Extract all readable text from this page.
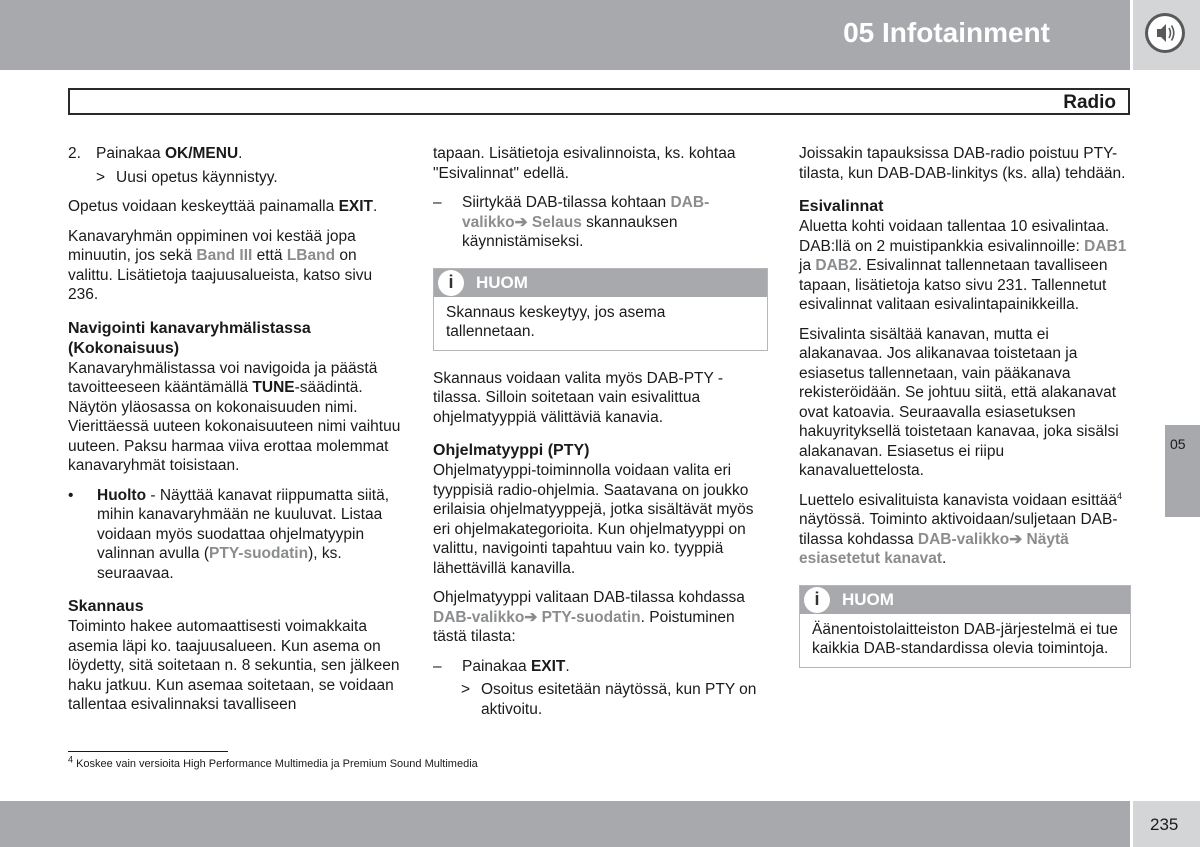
05 Infotainment
Radio
2. Painakaa OK/MENU.
> Uusi opetus käynnistyy.

Opetus voidaan keskeyttää painamalla EXIT.

Kanavaryhmän oppiminen voi kestää jopa minuutin, jos sekä Band III että LBand on valittu. Lisätietoja taajuusalueista, katso sivu 236.

Navigointi kanavaryhmälistassa (Kokonaisuus)

Kanavaryhmälistassa voi navigoida ja päästä tavoitteeseen kääntämällä TUNE-säädintä. Näytön yläosassa on kokonaisuuden nimi. Vierittäessä uuteen kokonaisuuteen nimi vaihtuu uuteen. Paksu harmaa viiva erottaa molemmat kanavaryhmät toisistaan.

•	Huolto - Näyttää kanavat riippumatta siitä, mihin kanavaryhmään ne kuuluvat. Listaa voidaan myös suodattaa ohjelmatyypin valinnan avulla (PTY-suodatin), ks. seuraavaa.
Skannaus

Toiminto hakee automaattisesti voimakkaita asemia läpi ko. taajuusalueen. Kun asema on löydetty, sitä soitetaan n. 8 sekuntia, sen jälkeen haku jatkuu. Kun asemaa soitetaan, se voidaan tallentaa esivalinnaksi tavalliseen

tapaan. Lisätietoja esivalinnoista, ks. kohtaa "Esivalinnat" edellä.

–	Siirtykää DAB-tilassa kohtaan DAB-valikko➔ Selaus skannauksen käynnistämiseksi.
i	HUOM
Skannaus keskeytyy, jos asema tallennetaan.

Skannaus voidaan valita myös DAB-PTY -tilassa. Silloin soitetaan vain esivalittua ohjelmatyyppiä välittäviä kanavia.

Ohjelmatyyppi (PTY)

Ohjelmatyyppi-toiminnolla voidaan valita eri tyyppisiä radio-ohjelmia. Saatavana on joukko erilaisia ohjelmatyyppejä, jotka sisältävät myös eri ohjelmakategorioita. Kun ohjelmatyyppi on valittu, navigointi tapahtuu vain ko. tyyppiä lähettävillä kanavilla.

Ohjelmatyyppi valitaan DAB-tilassa kohdassa DAB-valikko➔ PTY-suodatin. Poistuminen tästä tilasta:

–	Painakaa EXIT.
> Osoitus esitetään näytössä, kun PTY on aktivoitu.

Joissakin tapauksissa DAB-radio poistuu PTY-tilasta, kun DAB-DAB-linkitys (ks. alla) tehdään.

Esivalinnat

Aluetta kohti voidaan tallentaa 10 esivalintaa. DAB:llä on 2 muistipankkia esivalinnoille: DAB1 ja DAB2. Esivalinnat tallennetaan tavalliseen tapaan, lisätietoja katso sivu 231. Tallennetut esivalinnat valitaan esivalintapainikkeilla.

Esivalinta sisältää kanavan, mutta ei alakanavaa. Jos alikanavaa toistetaan ja esiasetus tallennetaan, vain pääkanava rekisteröidään. Se johtuu siitä, että alakanavat ovat katoavia. Seuraavalla esiasetuksen hakuyrityksellä toistetaan kanavaa, joka sisälsi alakanavan. Esiasetus ei riipu kanavaluettelosta.

Luettelo esivalituista kanavista voidaan esittää$^4$ näytössä. Toiminto aktivoidaan/suljetaan DAB-tilassa kohdassa DAB-valikko➔ Näytä esiasetetut kanavat.

i	HUOM
Äänentoistolaitteiston DAB-järjestelmä ei tue kaikkia DAB-standardissa olevia toimintoja.
05
$^4$ Koskee vain versioita High Performance Multimedia ja Premium Sound Multimedia
235
